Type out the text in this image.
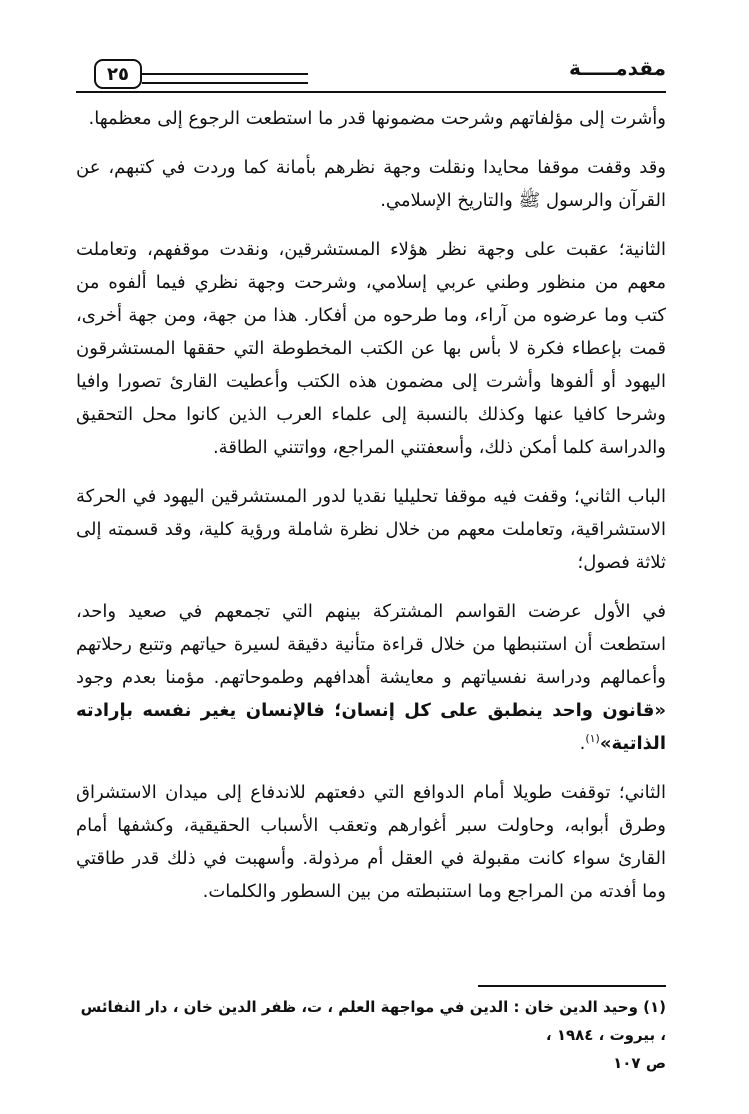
٢٥	مقدمـــــة

وأشرت إلى مؤلفاتهم وشرحت مضمونها قدر ما استطعت الرجوع إلى معظمها.

وقد وقفت موقفا محايدا ونقلت وجهة نظرهم بأمانة كما وردت في كتبهم، عن القرآن والرسول ﷺ والتاريخ الإسلامي.

الثانية؛ عقبت على وجهة نظر هؤلاء المستشرقين، ونقدت موقفهم، وتعاملت معهم من منظور وطني عربي إسلامي، وشرحت وجهة نظري فيما ألفوه من كتب وما عرضوه من آراء، وما طرحوه من أفكار. هذا من جهة، ومن جهة أخرى، قمت بإعطاء فكرة لا بأس بها عن الكتب المخطوطة التي حققها المستشرقون اليهود أو ألفوها وأشرت إلى مضمون هذه الكتب وأعطيت القارئ تصورا وافيا وشرحا كافيا عنها وكذلك بالنسبة إلى علماء العرب الذين كانوا محل التحقيق والدراسة كلما أمكن ذلك، وأسعفتني المراجع، وواتتني الطاقة.

الباب الثاني؛ وقفت فيه موقفا تحليليا نقديا لدور المستشرقين اليهود في الحركة الاستشراقية، وتعاملت معهم من خلال نظرة شاملة ورؤية كلية، وقد قسمته إلى ثلاثة فصول؛

في الأول عرضت القواسم المشتركة بينهم التي تجمعهم في صعيد واحد، استطعت أن استنبطها من خلال قراءة متأنية دقيقة لسيرة حياتهم وتتبع رحلاتهم وأعمالهم ودراسة نفسياتهم و معايشة أهدافهم وطموحاتهم. مؤمنا بعدم وجود «قانون واحد ينطبق على كل إنسان؛ فالإنسان يغير نفسه بإرادته الذاتية»$^{(١)}$.

الثاني؛ توقفت طويلا أمام الدوافع التي دفعتهم للاندفاع إلى ميدان الاستشراق وطرق أبوابه، وحاولت سبر أغوارهم وتعقب الأسباب الحقيقية، وكشفها أمام القارئ سواء كانت مقبولة في العقل أم مرذولة. وأسهبت في ذلك قدر طاقتي وما أفدته من المراجع وما استنبطته من بين السطور والكلمات.

(١) وحيد الدين خان : الدين في مواجهة العلم ، ت، ظفر الدين خان ، دار النفائس ، بيروت ، ١٩٨٤ ،

ص ١٠٧
